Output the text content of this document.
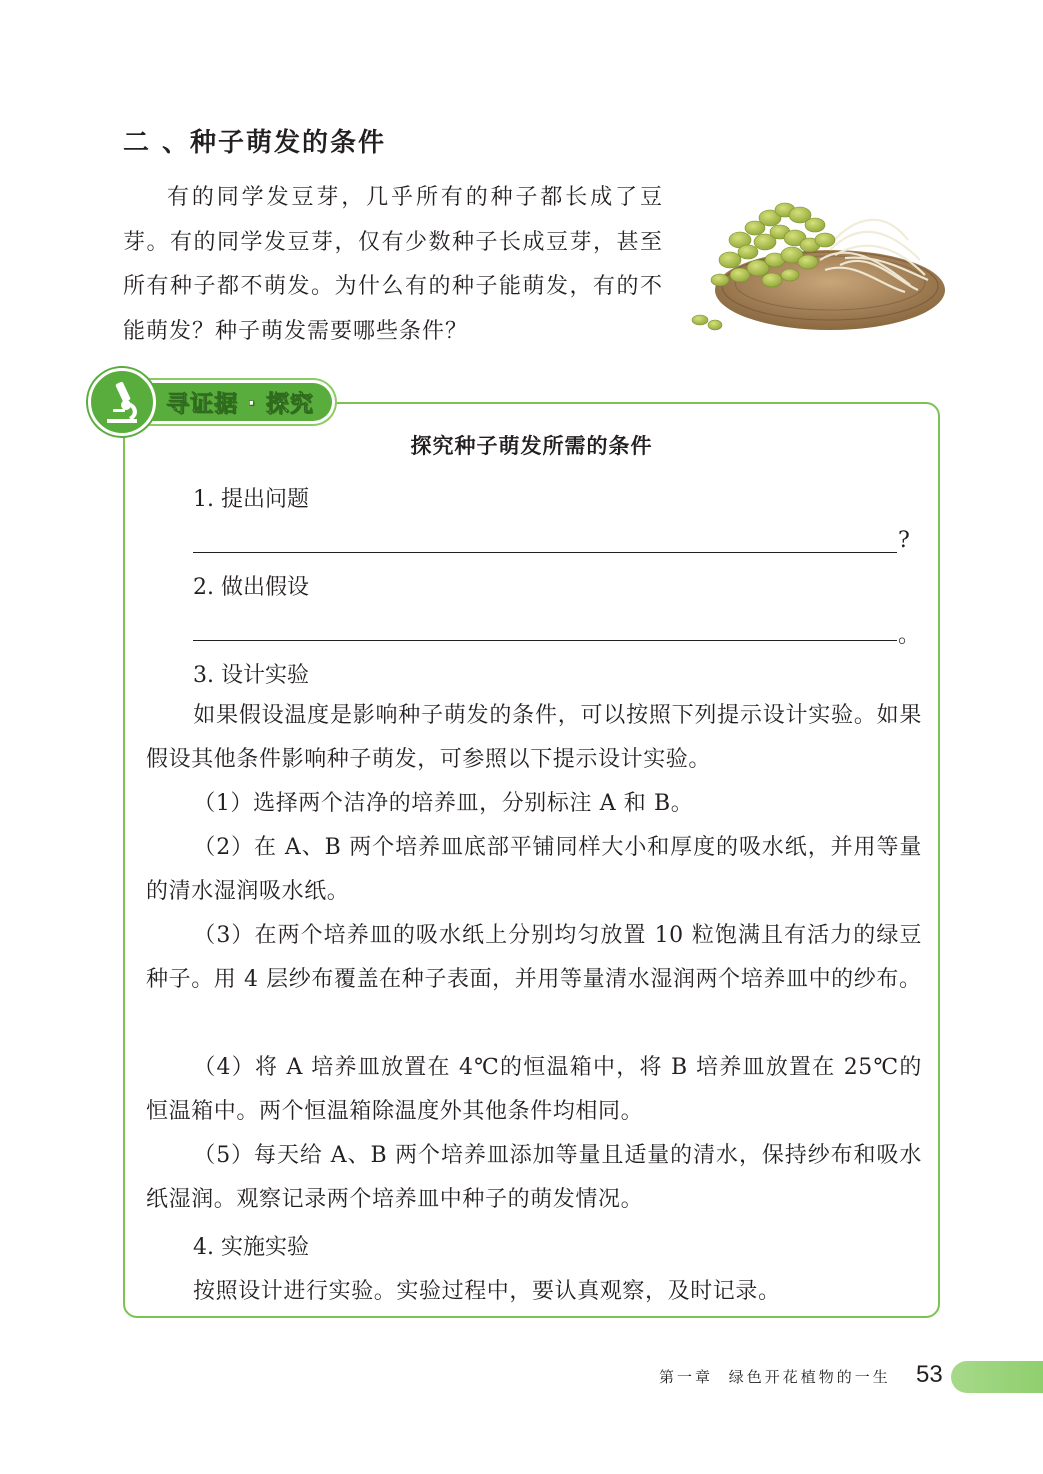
二 、种子萌发的条件

有的同学发豆芽，几乎所有的种子都长成了豆芽。有的同学发豆芽，仅有少数种子长成豆芽，甚至所有种子都不萌发。为什么有的种子能萌发，有的不能萌发？种子萌发需要哪些条件？

寻证据 · 探究

探究种子萌发所需的条件

1. 提出问题

?

2. 做出假设

。

3. 设计实验

如果假设温度是影响种子萌发的条件，可以按照下列提示设计实验。如果假设其他条件影响种子萌发，可参照以下提示设计实验。

（1）选择两个洁净的培养皿，分别标注 A 和 B。

（2）在 A、B 两个培养皿底部平铺同样大小和厚度的吸水纸，并用等量的清水湿润吸水纸。

（3）在两个培养皿的吸水纸上分别均匀放置 10 粒饱满且有活力的绿豆种子。用 4 层纱布覆盖在种子表面，并用等量清水湿润两个培养皿中的纱布。

（4）将 A 培养皿放置在 4℃的恒温箱中，将 B 培养皿放置在 25℃的恒温箱中。两个恒温箱除温度外其他条件均相同。

（5）每天给 A、B 两个培养皿添加等量且适量的清水，保持纱布和吸水纸湿润。观察记录两个培养皿中种子的萌发情况。

4. 实施实验

按照设计进行实验。实验过程中，要认真观察，及时记录。

第一章 绿色开花植物的一生 53
